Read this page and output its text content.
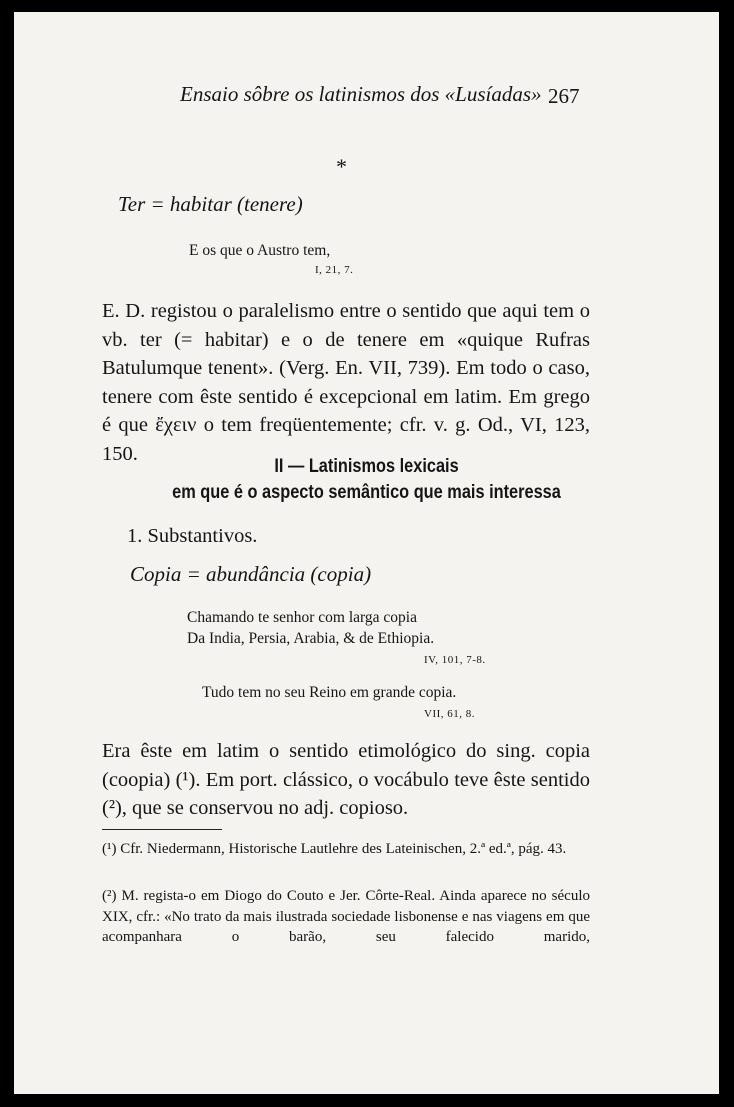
Ensaio sôbre os latinismos dos «Lusíadas» 267
*
Ter = habitar (tenere)
E os que o Austro tem,
I, 21, 7.
E. D. registou o paralelismo entre o sentido que aqui tem o vb. ter (= habitar) e o de tenere em «quique Rufras Batulumque tenent». (Verg. En. VII, 739). Em todo o caso, tenere com êste sentido é excepcional em latim. Em grego é que ἔχειν o tem freqüentemente; cfr. v. g. Od., VI, 123, 150.
II — Latinismos lexicais
em que é o aspecto semântico que mais interessa
1. Substantivos.
Copia = abundância (copia)
Chamando te senhor com larga copia
Da India, Persia, Arabia, & de Ethiopia.
IV, 101, 7-8.
Tudo tem no seu Reino em grande copia.
VII, 61, 8.
Era êste em latim o sentido etimológico do sing. copia (coopia) (¹). Em port. clássico, o vocábulo teve êste sentido (²), que se conservou no adj. copioso.
(¹) Cfr. Niedermann, Historische Lautlehre des Lateinischen, 2.ª ed.ª, pág. 43.
(²) M. regista-o em Diogo do Couto e Jer. Côrte-Real. Ainda aparece no século XIX, cfr.: «No trato da mais ilustrada sociedade lisbonense e nas viagens em que acompanhara o barão, seu falecido marido,
